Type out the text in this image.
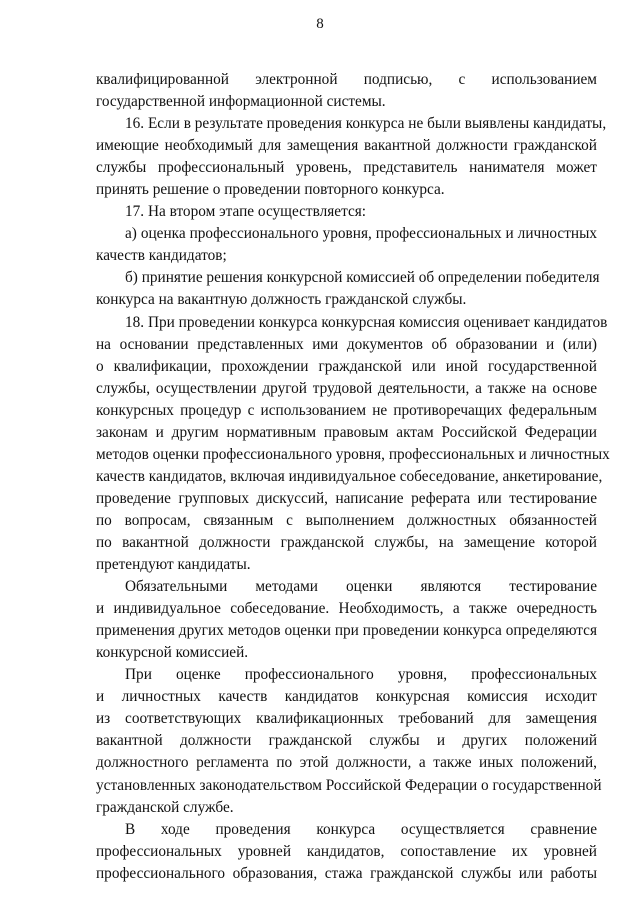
8
квалифицированной электронной подписью, с использованием
государственной информационной системы.
16. Если в результате проведения конкурса не были выявлены кандидаты,
имеющие необходимый для замещения вакантной должности гражданской
службы профессиональный уровень, представитель нанимателя может
принять решение о проведении повторного конкурса.
17. На втором этапе осуществляется:
а) оценка профессионального уровня, профессиональных и личностных
качеств кандидатов;
б) принятие решения конкурсной комиссией об определении победителя
конкурса на вакантную должность гражданской службы.
18. При проведении конкурса конкурсная комиссия оценивает кандидатов
на основании представленных ими документов об образовании и (или)
о квалификации, прохождении гражданской или иной государственной
службы, осуществлении другой трудовой деятельности, а также на основе
конкурсных процедур с использованием не противоречащих федеральным
законам и другим нормативным правовым актам Российской Федерации
методов оценки профессионального уровня, профессиональных и личностных
качеств кандидатов, включая индивидуальное собеседование, анкетирование,
проведение групповых дискуссий, написание реферата или тестирование
по вопросам, связанным с выполнением должностных обязанностей
по вакантной должности гражданской службы, на замещение которой
претендуют кандидаты.
Обязательными методами оценки являются тестирование
и индивидуальное собеседование. Необходимость, а также очередность
применения других методов оценки при проведении конкурса определяются
конкурсной комиссией.
При оценке профессионального уровня, профессиональных
и личностных качеств кандидатов конкурсная комиссия исходит
из соответствующих квалификационных требований для замещения
вакантной должности гражданской службы и других положений
должностного регламента по этой должности, а также иных положений,
установленных законодательством Российской Федерации о государственной
гражданской службе.
В ходе проведения конкурса осуществляется сравнение
профессиональных уровней кандидатов, сопоставление их уровней
профессионального образования, стажа гражданской службы или работы
